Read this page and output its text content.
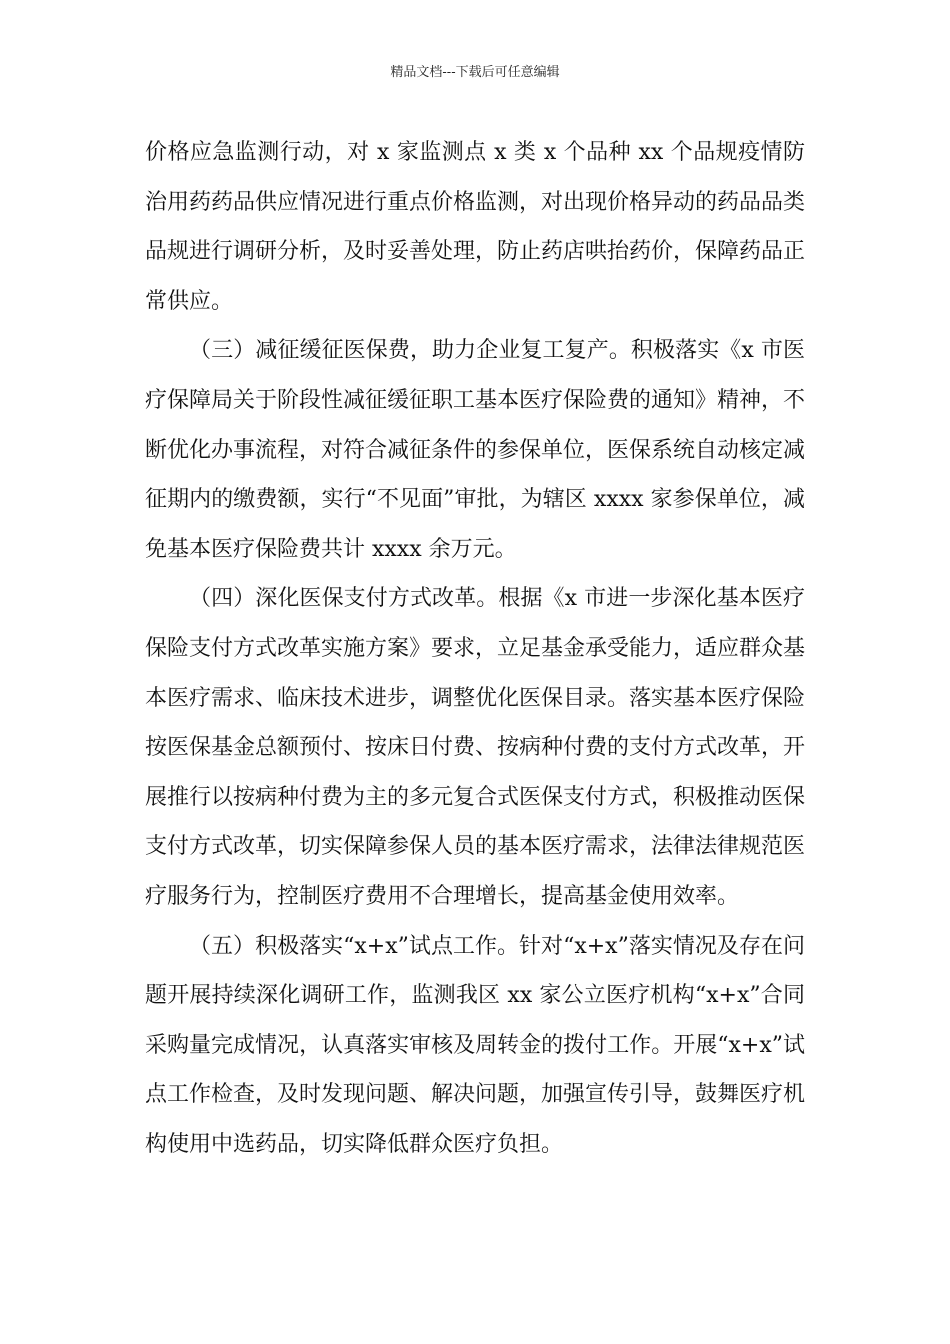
精品文档---下载后可任意编辑

价格应急监测行动，对 x 家监测点 x 类 x 个品种 xx 个品规疫情防治用药药品供应情况进行重点价格监测，对出现价格异动的药品品类品规进行调研分析，及时妥善处理，防止药店哄抬药价，保障药品正常供应。

（三）减征缓征医保费，助力企业复工复产。积极落实《x 市医疗保障局关于阶段性减征缓征职工基本医疗保险费的通知》精神，不断优化办事流程，对符合减征条件的参保单位，医保系统自动核定减征期内的缴费额，实行“不见面”审批，为辖区 xxxx 家参保单位，减免基本医疗保险费共计 xxxx 余万元。

（四）深化医保支付方式改革。根据《x 市进一步深化基本医疗保险支付方式改革实施方案》要求，立足基金承受能力，适应群众基本医疗需求、临床技术进步，调整优化医保目录。落实基本医疗保险按医保基金总额预付、按床日付费、按病种付费的支付方式改革，开展推行以按病种付费为主的多元复合式医保支付方式，积极推动医保支付方式改革，切实保障参保人员的基本医疗需求，法律法律规范医疗服务行为，控制医疗费用不合理增长，提高基金使用效率。

（五）积极落实“x+x”试点工作。针对“x+x”落实情况及存在问题开展持续深化调研工作，监测我区 xx 家公立医疗机构“x+x”合同采购量完成情况，认真落实审核及周转金的拨付工作。开展“x+x”试点工作检查，及时发现问题、解决问题，加强宣传引导，鼓舞医疗机构使用中选药品，切实降低群众医疗负担。
